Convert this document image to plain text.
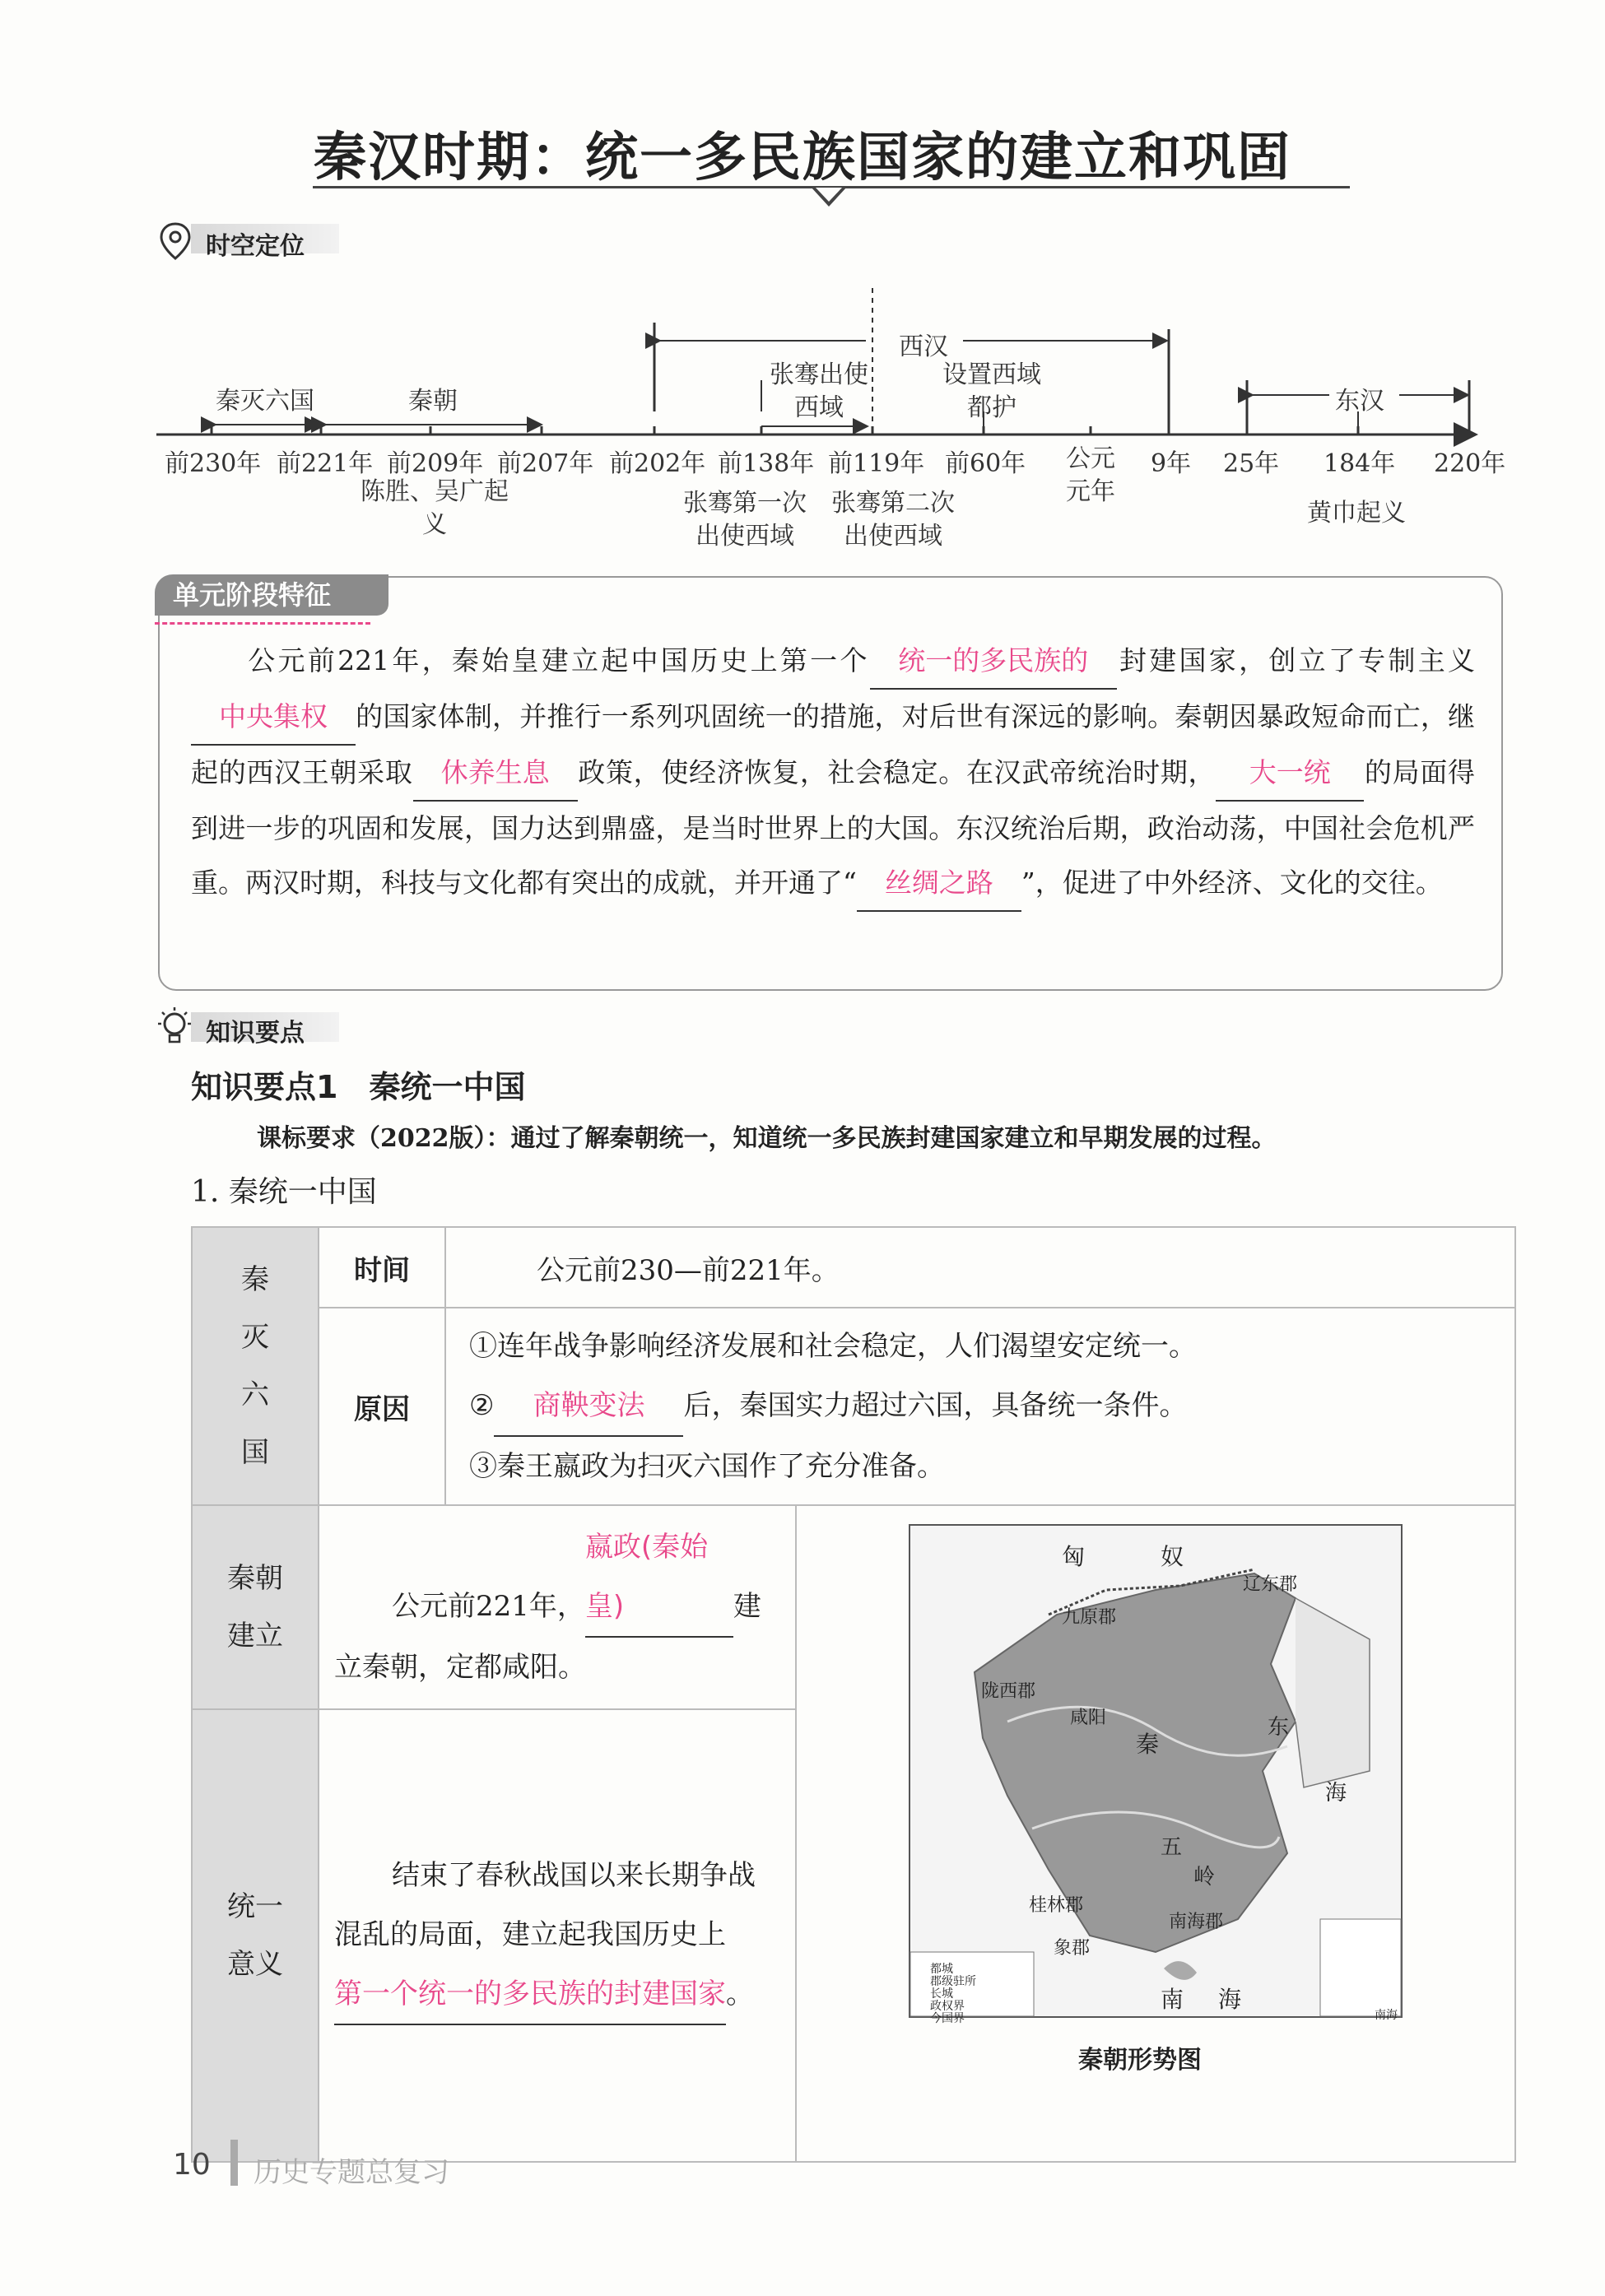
秦汉时期：统一多民族国家的建立和巩固
时空定位
秦灭六国	秦朝
西汉
东汉
张骞出使西域
设置西域都护
前230年 前221年 前209年 前207年 前202年 前138年 前119年 前60年 公元元年
9年 25年 184年 220年
陈胜、吴广起义
张骞第一次出使西域
张骞第二次出使西域
黄巾起义
单元阶段特征
公元前221年，秦始皇建立起中国历史上第一个 统一的多民族的 封建国家，创立了专制主义中央集权 的国家体制，并推行一系列巩固统一的措施，对后世有深远的影响。秦朝因暴政短命而亡，继起的西汉王朝采取 休养生息 政策，使经济恢复，社会稳定。在汉武帝统治时期， 大一统 的局面得到进一步的巩固和发展，国力达到鼎盛，是当时世界上的大国。东汉统治后期，政治动荡，中国社会危机严重。两汉时期，科技与文化都有突出的成就，并开通了“ 丝绸之路 ”，促进了中外经济、文化的交往。
知识要点
知识要点1　秦统一中国
课标要求（2022版）：通过了解秦朝统一，知道统一多民族封建国家建立和早期发展的过程。
1. 秦统一中国
秦灭六国	时间	公元前230—前221年。	
	原因	①连年战争影响经济发展和社会稳定，人们渴望安定统一。
② 商鞅变法 后，秦国实力超过六国，具备统一条件。
③秦王嬴政为扫灭六国作了充分准备。	

秦朝建立	公元前221年，嬴政(秦始皇) 建立秦朝，定都咸阳。	

统一意义	结束了春秋战国以来长期争战混乱的局面，建立起我国历史上第一个统一的多民族的封建国家。		
匈	奴
辽东郡
九原郡
陇西郡
咸阳
秦
东
海
五
岭
桂林郡
南海郡
象郡
南 海
都城
郡级驻所
长城
政权界
今国界	南海
秦朝形势图
10 历史专题总复习
